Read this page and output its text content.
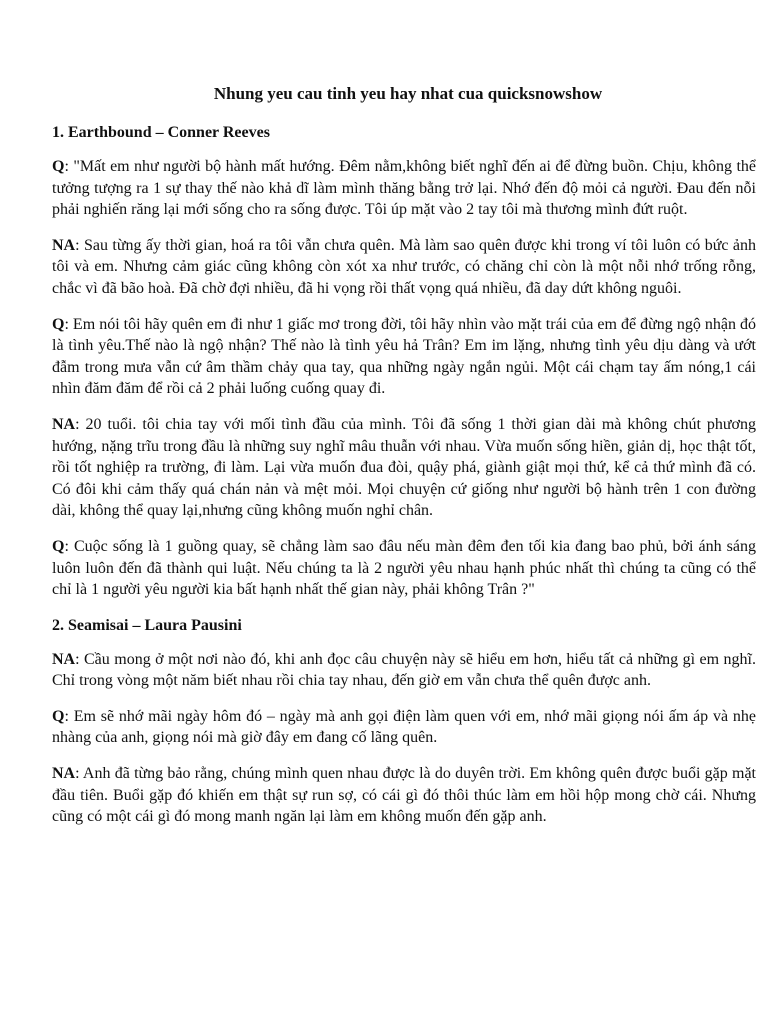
Nhung yeu cau tinh yeu hay nhat cua quicksnowshow
1. Earthbound – Conner Reeves

Q: "Mất em như người bộ hành mất hướng. Đêm nằm,không biết nghĩ đến ai để đừng buồn. Chịu, không thể tưởng tượng ra 1 sự thay thế nào khả dĩ làm mình thăng bằng trở lại. Nhớ đến độ mỏi cả người. Đau đến nỗi phải nghiến răng lại mới sống cho ra sống được. Tôi úp mặt vào 2 tay tôi mà thương mình đứt ruột.

NA: Sau từng ấy thời gian, hoá ra tôi vẫn chưa quên. Mà làm sao quên được khi trong ví tôi luôn có bức ảnh tôi và em. Nhưng cảm giác cũng không còn xót xa như trước, có chăng chỉ còn là một nỗi nhớ trống rỗng, chắc vì đã bão hoà. Đã chờ đợi nhiều, đã hi vọng rồi thất vọng quá nhiều, đã day dứt không nguôi.

Q: Em nói tôi hãy quên em đi như 1 giấc mơ trong đời, tôi hãy nhìn vào mặt trái của em để đừng ngộ nhận đó là tình yêu.Thế nào là ngộ nhận? Thế nào là tình yêu hả Trân? Em im lặng, nhưng tình yêu dịu dàng và ướt đẫm trong mưa vẫn cứ âm thầm chảy qua tay, qua những ngày ngắn ngủi. Một cái chạm tay ấm nóng,1 cái nhìn đăm đăm để rồi cả 2 phải luống cuống quay đi.

NA: 20 tuổi. tôi chia tay với mối tình đầu của mình. Tôi đã sống 1 thời gian dài mà không chút phương hướng, nặng trĩu trong đầu là những suy nghĩ mâu thuẫn với nhau. Vừa muốn sống hiền, giản dị, học thật tốt, rồi tốt nghiệp ra trường, đi làm. Lại vừa muốn đua đòi, quậy phá, giành giật mọi thứ, kể cả thứ mình đã có. Có đôi khi cảm thấy quá chán nản và mệt mỏi. Mọi chuyện cứ giống như người bộ hành trên 1 con đường dài, không thể quay lại,nhưng cũng không muốn nghỉ chân.

Q: Cuộc sống là 1 guồng quay, sẽ chẳng làm sao đâu nếu màn đêm đen tối kia đang bao phủ, bởi ánh sáng luôn luôn đến đã thành qui luật. Nếu chúng ta là 2 người yêu nhau hạnh phúc nhất thì chúng ta cũng có thể chỉ là 1 người yêu người kia bất hạnh nhất thế gian này, phải không Trân ?"

2. Seamisai – Laura Pausini

NA: Cầu mong ở một nơi nào đó, khi anh đọc câu chuyện này sẽ hiểu em hơn, hiểu tất cả những gì em nghĩ. Chỉ trong vòng một năm biết nhau rồi chia tay nhau, đến giờ em vẫn chưa thể quên được anh.

Q: Em sẽ nhớ mãi ngày hôm đó – ngày mà anh gọi điện làm quen với em, nhớ mãi giọng nói ấm áp và nhẹ nhàng của anh, giọng nói mà giờ đây em đang cố lãng quên.

NA: Anh đã từng bảo rằng, chúng mình quen nhau được là do duyên trời. Em không quên được buổi gặp mặt đầu tiên. Buổi gặp đó khiến em thật sự run sợ, có cái gì đó thôi thúc làm em hồi hộp mong chờ cái. Nhưng cũng có một cái gì đó mong manh ngăn lại làm em không muốn đến gặp anh.
